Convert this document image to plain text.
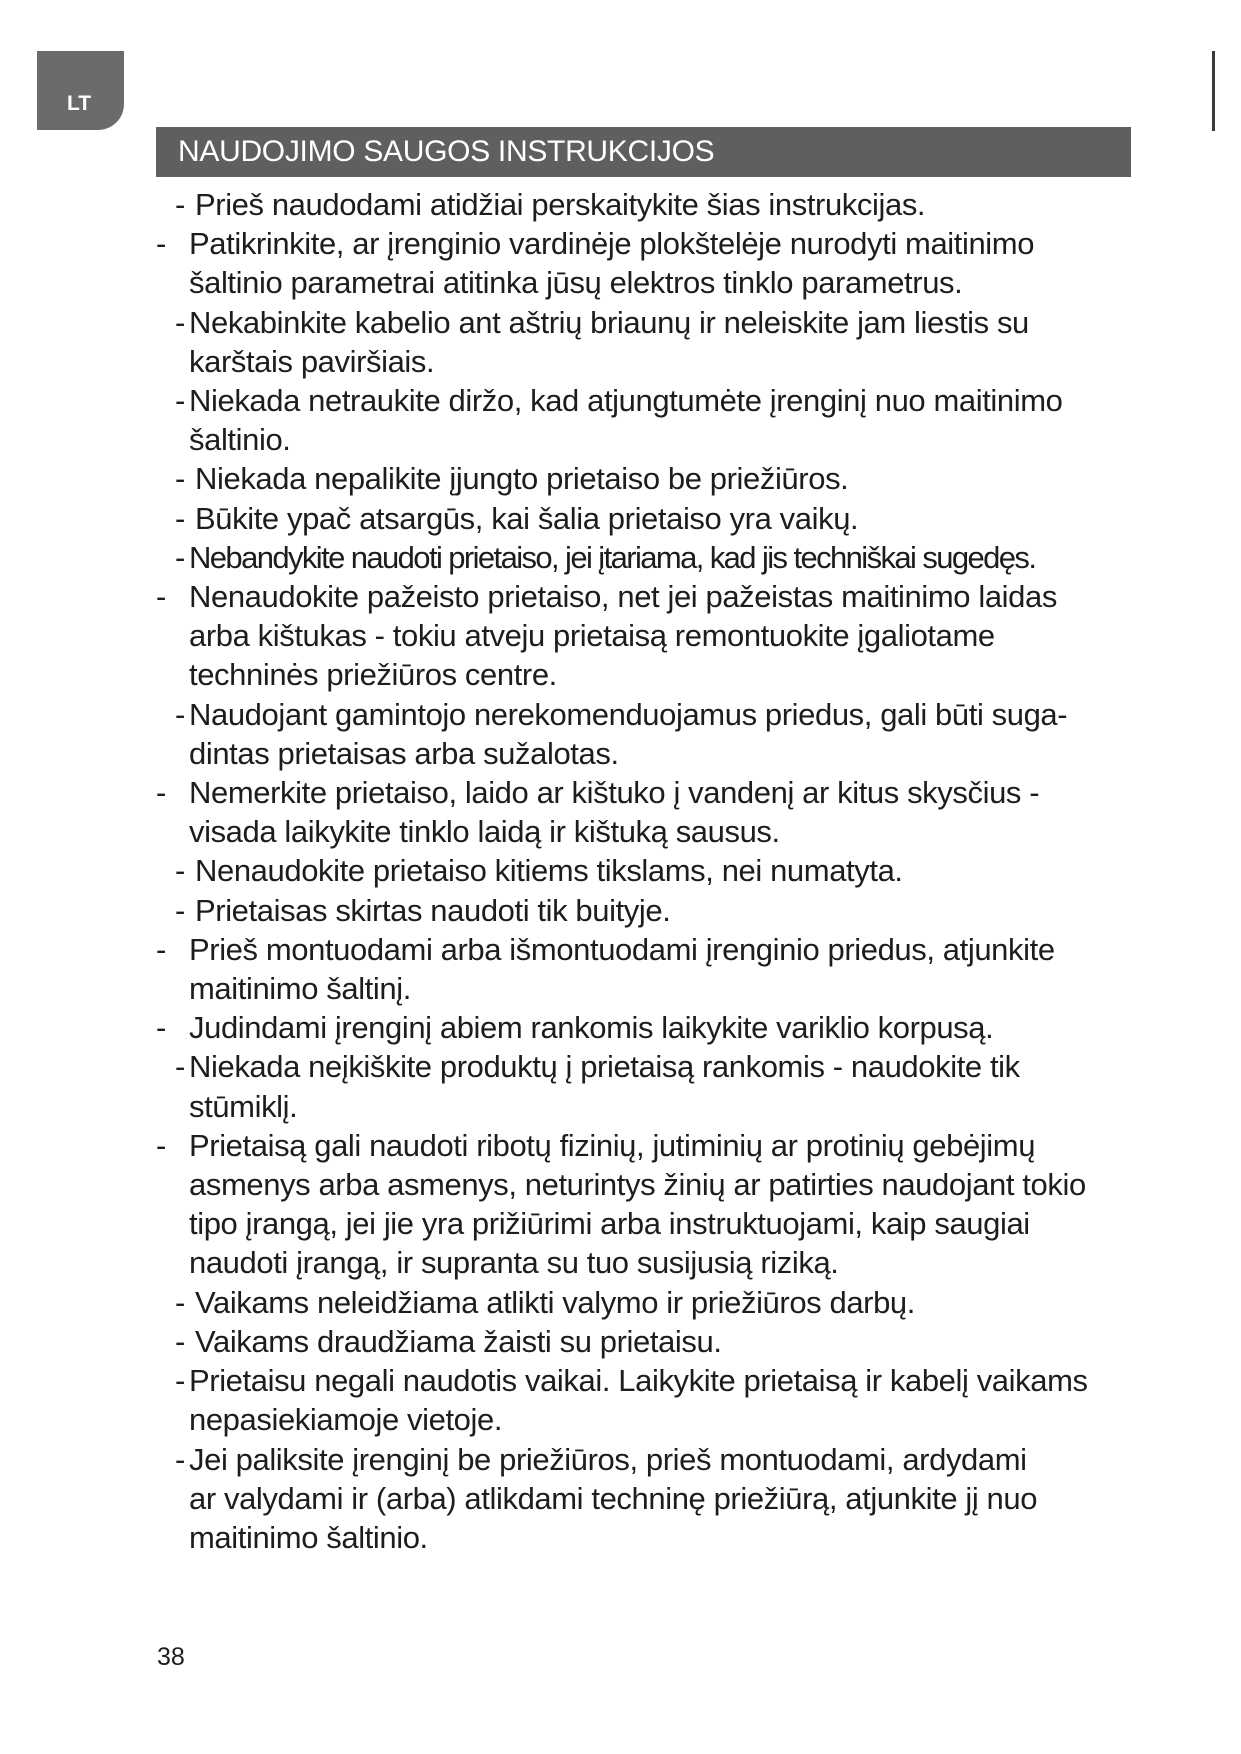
LT
NAUDOJIMO SAUGOS INSTRUKCIJOS
- Prieš naudodami atidžiai perskaitykite šias instrukcijas.
- Patikrinkite, ar įrenginio vardinėje plokštelėje nurodyti maitinimo
šaltinio parametrai atitinka jūsų elektros tinklo parametrus.
- Nekabinkite kabelio ant aštrių briaunų ir neleiskite jam liestis su
karštais paviršiais.
- Niekada netraukite diržo, kad atjungtumėte įrenginį nuo maitinimo
šaltinio.
- Niekada nepalikite įjungto prietaiso be priežiūros.
- Būkite ypač atsargūs, kai šalia prietaiso yra vaikų.
- Nebandykite naudoti prietaiso, jei įtariama, kad jis techniškai sugedęs.
- Nenaudokite pažeisto prietaiso, net jei pažeistas maitinimo laidas
arba kištukas - tokiu atveju prietaisą remontuokite įgaliotame
techninės priežiūros centre.
- Naudojant gamintojo nerekomenduojamus priedus, gali būti suga-
dintas prietaisas arba sužalotas.
- Nemerkite prietaiso, laido ar kištuko į vandenį ar kitus skysčius -
visada laikykite tinklo laidą ir kištuką sausus.
- Nenaudokite prietaiso kitiems tikslams, nei numatyta.
- Prietaisas skirtas naudoti tik buityje.
- Prieš montuodami arba išmontuodami įrenginio priedus, atjunkite
maitinimo šaltinį.
- Judindami įrenginį abiem rankomis laikykite variklio korpusą.
- Niekada neįkiškite produktų į prietaisą rankomis - naudokite tik
stūmiklį.
- Prietaisą gali naudoti ribotų fizinių, jutiminių ar protinių gebėjimų
asmenys arba asmenys, neturintys žinių ar patirties naudojant tokio
tipo įrangą, jei jie yra prižiūrimi arba instruktuojami, kaip saugiai
naudoti įrangą, ir supranta su tuo susijusią riziką.
- Vaikams neleidžiama atlikti valymo ir priežiūros darbų.
- Vaikams draudžiama žaisti su prietaisu.
- Prietaisu negali naudotis vaikai. Laikykite prietaisą ir kabelį vaikams
nepasiekiamoje vietoje.
- Jei paliksite įrenginį be priežiūros, prieš montuodami, ardydami
ar valydami ir (arba) atlikdami techninę priežiūrą, atjunkite jį nuo
maitinimo šaltinio.
38
